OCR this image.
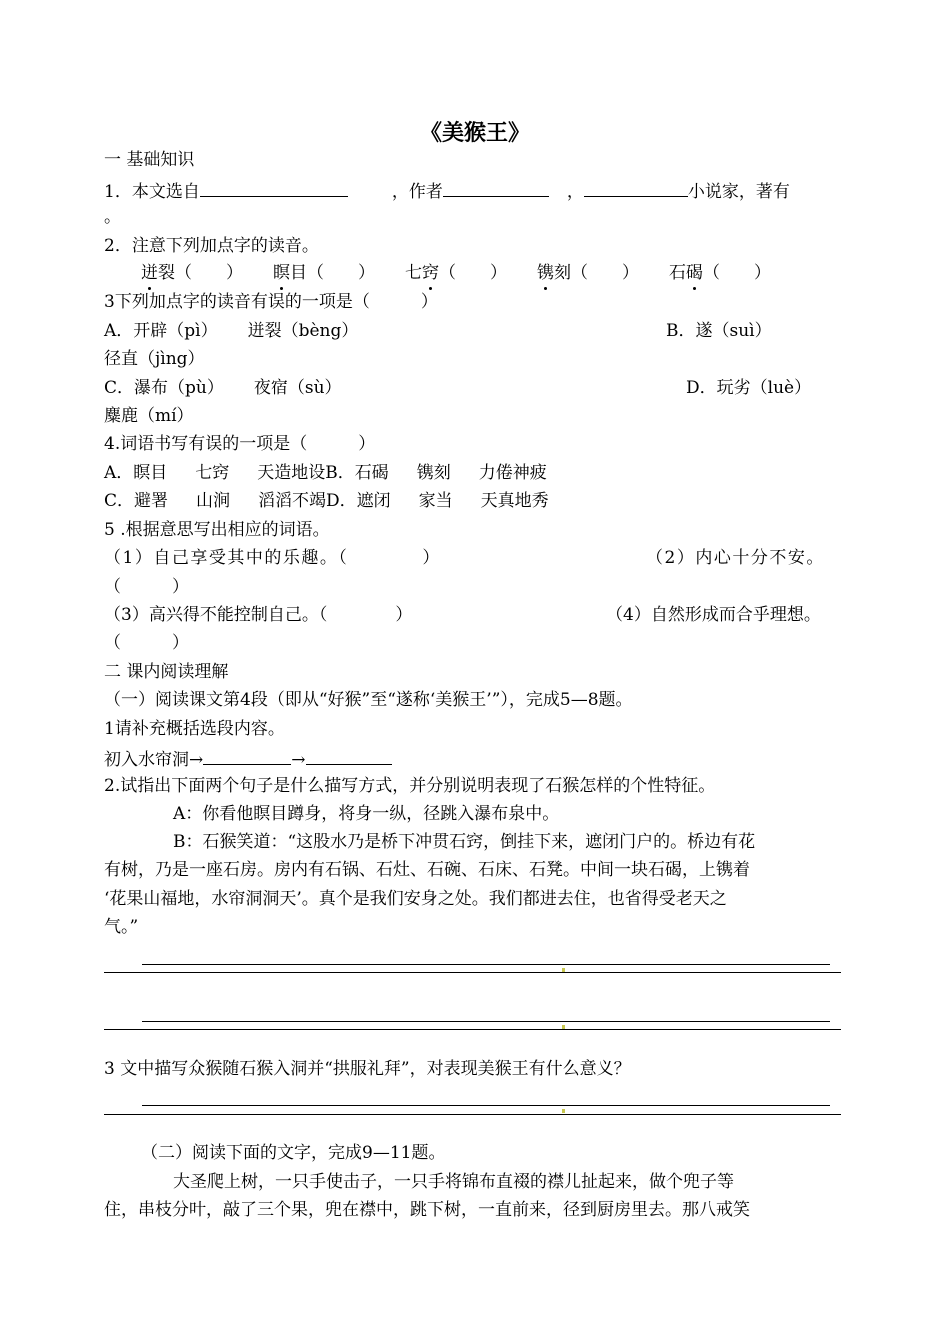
《美猴王》
一 基础知识
1．本文选自	，作者	，	小说家，著有
。
2．注意下列加点字的读音。
迸裂（　　） 瞑目（　　） 七窍（　　） 镌刻（　　） 石碣（　　）
3下列加点字的读音有误的一项是（　　　）
A．开辟（pì） 迸裂（bèng）	B．遂（suì）
径直（jìng）
C．瀑布（pù） 夜宿（sù）	D．玩劣（luè）
麋鹿（mí）
4.词语书写有误的一项是（　　　）
A．瞑目 七窍 天造地设B．石碣 镌刻 力倦神疲
C．避署 山涧 滔滔不竭D．遮闭 家当 天真地秀
5 .根据意思写出相应的词语。
（1）自己享受其中的乐趣。（　　　　）	（2）内心十分不安。
（　　　）
（3）高兴得不能控制自己。（　　　　）	（4）自然形成而合乎理想。
（　　　）
二 课内阅读理解
（一）阅读课文第4段（即从“好猴”至“遂称‘美猴王’”），完成5—8题。
1请补充概括选段内容。
初入水帘洞→	→
2.试指出下面两个句子是什么描写方式，并分别说明表现了石猴怎样的个性特征。
A：你看他瞑目蹲身，将身一纵，径跳入瀑布泉中。
B：石猴笑道：“这股水乃是桥下冲贯石窍，倒挂下来，遮闭门户的。桥边有花
有树，乃是一座石房。房内有石锅、石灶、石碗、石床、石凳。中间一块石碣，上镌着
‘花果山福地，水帘洞洞天’。真个是我们安身之处。我们都进去住，也省得受老天之
气。”
3 文中描写众猴随石猴入洞并“拱服礼拜”，对表现美猴王有什么意义？
（二）阅读下面的文字，完成9—11题。
大圣爬上树，一只手使击子，一只手将锦布直裰的襟儿扯起来，做个兜子等
住，串枝分叶，敲了三个果，兜在襟中，跳下树，一直前来，径到厨房里去。那八戒笑
